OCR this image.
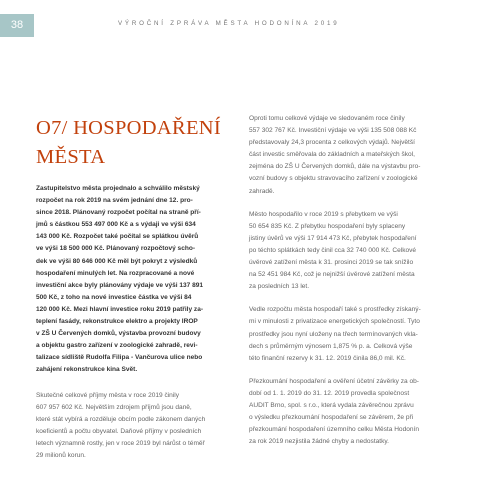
38	VÝROČNÍ ZPRÁVA MĚSTA HODONÍNA 2019
O7/ HOSPODAŘENÍ
MĚSTA

Zastupitelstvo města projednalo a schválilo městský
rozpočet na rok 2019 na svém jednání dne 12. pro-
since 2018. Plánovaný rozpočet počítal na straně pří-
jmů s částkou 553 497 000 Kč a s výdaji ve výši 634
143 000 Kč. Rozpočet také počítal se splátkou úvěrů
ve výši 18 500 000 Kč. Plánovaný rozpočtový scho-
dek ve výši 80 646 000 Kč měl být pokryt z výsledků
hospodaření minulých let. Na rozpracované a nové
investiční akce byly plánovány výdaje ve výši 137 891
500 Kč, z toho na nové investice částka ve výši 84
120 000 Kč. Mezi hlavní investice roku 2019 patřily za-
teplení fasády, rekonstrukce elektro a projekty IROP
v ZŠ U Červených domků, výstavba provozní budovy
a objektu gastro zařízení v zoologické zahradě, revi-
talizace sídliště Rudolfa Filipa - Vančurova ulice nebo
zahájení rekonstrukce kina Svět.

Skutečné celkové příjmy města v roce 2019 činily
607 957 602 Kč. Největším zdrojem příjmů jsou daně,
které stát vybírá a rozděluje obcím podle zákonem daných
koeficientů a počtu obyvatel. Daňové příjmy v posledních
letech významně rostly, jen v roce 2019 byl nárůst o téměř
29 milionů korun.

Oproti tomu celkové výdaje ve sledovaném roce činily
557 302 767 Kč. Investiční výdaje ve výši 135 508 088 Kč
představovaly 24,3 procenta z celkových výdajů. Největší
část investic směřovala do základních a mateřských škol,
zejména do ZŠ U Červených domků, dále na výstavbu pro-
vozní budovy s objektu stravovacího zařízení v zoologické
zahradě.

Město hospodařilo v roce 2019 s přebytkem ve výši
50 654 835 Kč. Z přebytku hospodaření byly splaceny
jistiny úvěrů ve výši 17 914 473 Kč, přebytek hospodaření
po téchto splátkách tedy činil cca 32 740 000 Kč. Celkové
úvěrové zatížení města k 31. prosinci 2019 se tak snížilo
na 52 451 984 Kč, což je nejnižší úvěrové zatížení města
za posledních 13 let.

Vedle rozpočtu města hospodaří také s prostředky získaný-
mi v minulosti z privatizace energetických společností. Tyto
prostředky jsou nyní uloženy na třech termínovaných vkla-
dech s průměrným výnosem 1,875 % p. a. Celková výše
této finanční rezervy k 31. 12. 2019 činila 86,0 mil. Kč.

Přezkoumání hospodaření a ověření účetní závěrky za ob-
dobí od 1. 1. 2019 do 31. 12. 2019 provedla společnost
AUDIT Brno, spol. s r.o., která vydala závěrečnou zprávu
o výsledku přezkoumání hospodaření se závěrem, že při
přezkoumání hospodaření územního celku Města Hodonín
za rok 2019 nezjistila žádné chyby a nedostatky.
